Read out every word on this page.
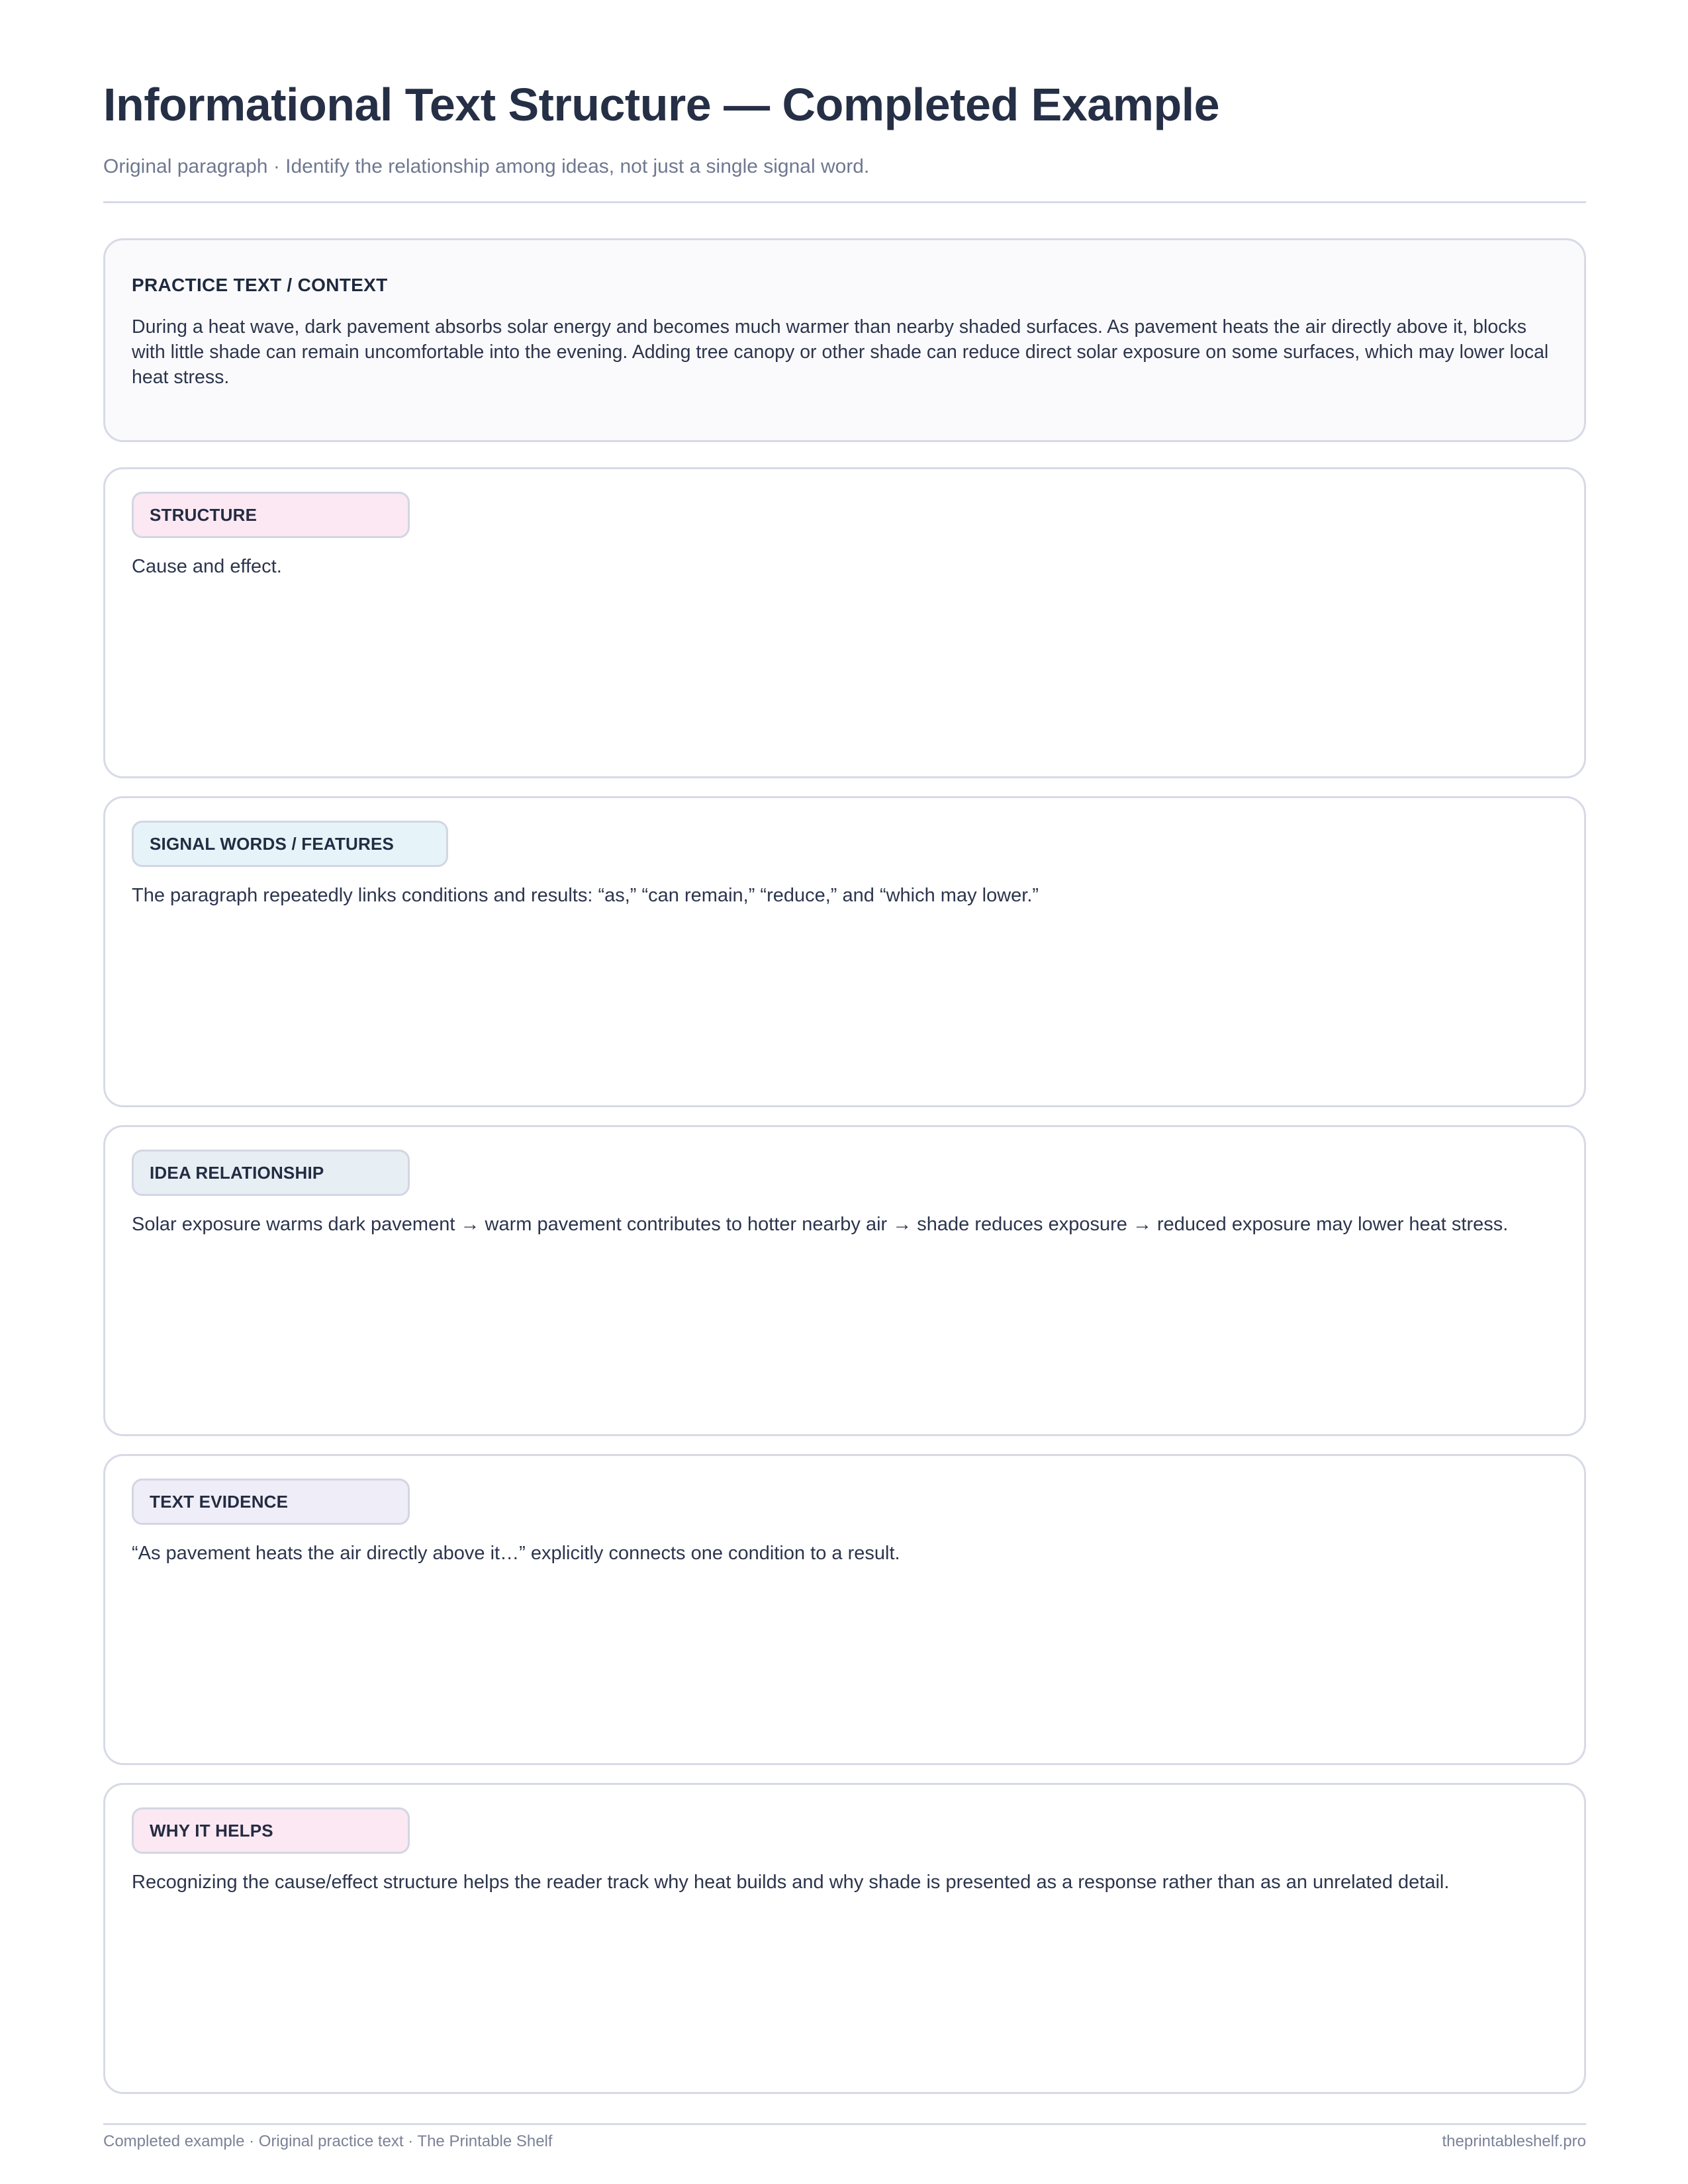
Informational Text Structure — Completed Example
Original paragraph · Identify the relationship among ideas, not just a single signal word.
PRACTICE TEXT / CONTEXT
During a heat wave, dark pavement absorbs solar energy and becomes much warmer than nearby shaded surfaces. As pavement heats the air directly above it, blocks with little shade can remain uncomfortable into the evening. Adding tree canopy or other shade can reduce direct solar exposure on some surfaces, which may lower local heat stress.
STRUCTURE
Cause and effect.
SIGNAL WORDS / FEATURES
The paragraph repeatedly links conditions and results: “as,” “can remain,” “reduce,” and “which may lower.”
IDEA RELATIONSHIP
Solar exposure warms dark pavement → warm pavement contributes to hotter nearby air → shade reduces exposure → reduced exposure may lower heat stress.
TEXT EVIDENCE
“As pavement heats the air directly above it…” explicitly connects one condition to a result.
WHY IT HELPS
Recognizing the cause/effect structure helps the reader track why heat builds and why shade is presented as a response rather than as an unrelated detail.
Completed example · Original practice text · The Printable Shelf	theprintableshelf.pro
